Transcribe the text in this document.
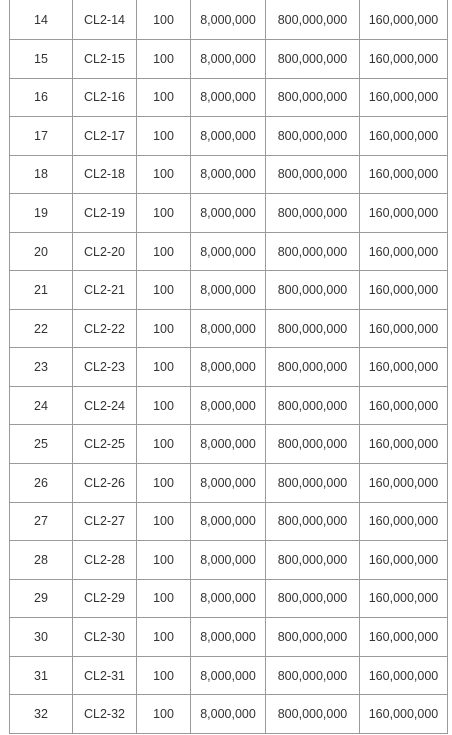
14	CL2-14	100	8,000,000	800,000,000	160,000,000
15	CL2-15	100	8,000,000	800,000,000	160,000,000
16	CL2-16	100	8,000,000	800,000,000	160,000,000
17	CL2-17	100	8,000,000	800,000,000	160,000,000
18	CL2-18	100	8,000,000	800,000,000	160,000,000
19	CL2-19	100	8,000,000	800,000,000	160,000,000
20	CL2-20	100	8,000,000	800,000,000	160,000,000
21	CL2-21	100	8,000,000	800,000,000	160,000,000
22	CL2-22	100	8,000,000	800,000,000	160,000,000
23	CL2-23	100	8,000,000	800,000,000	160,000,000
24	CL2-24	100	8,000,000	800,000,000	160,000,000
25	CL2-25	100	8,000,000	800,000,000	160,000,000
26	CL2-26	100	8,000,000	800,000,000	160,000,000
27	CL2-27	100	8,000,000	800,000,000	160,000,000
28	CL2-28	100	8,000,000	800,000,000	160,000,000
29	CL2-29	100	8,000,000	800,000,000	160,000,000
30	CL2-30	100	8,000,000	800,000,000	160,000,000
31	CL2-31	100	8,000,000	800,000,000	160,000,000
32	CL2-32	100	8,000,000	800,000,000	160,000,000
